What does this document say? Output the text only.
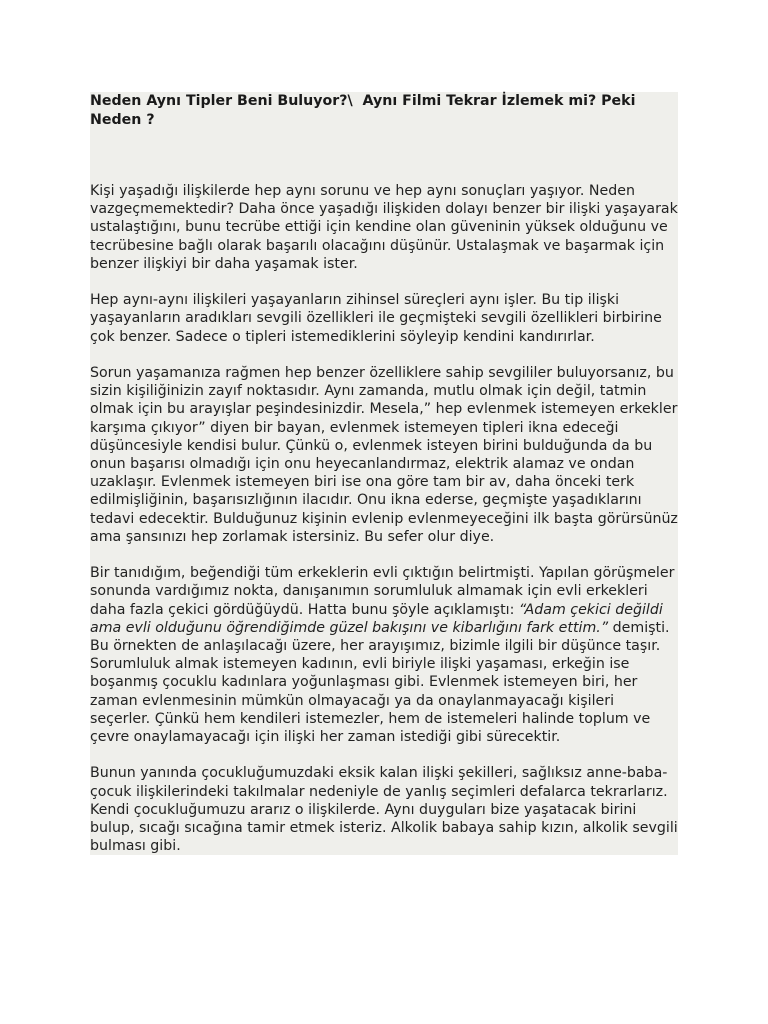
Neden Aynı Tipler Beni Buluyor?\  Aynı Filmi Tekrar İzlemek mi? Peki Neden ?

Kişi yaşadığı ilişkilerde hep aynı sorunu ve hep aynı sonuçları yaşıyor. Neden vazgeçmemektedir? Daha önce yaşadığı ilişkiden dolayı benzer bir ilişki yaşayarak ustalaştığını, bunu tecrübe ettiği için kendine olan güveninin yüksek olduğunu ve tecrübesine bağlı olarak başarılı olacağını düşünür. Ustalaşmak ve başarmak için benzer ilişkiyi bir daha yaşamak ister.

Hep aynı-aynı ilişkileri yaşayanların zihinsel süreçleri aynı işler. Bu tip ilişki yaşayanların aradıkları sevgili özellikleri ile geçmişteki sevgili özellikleri birbirine çok benzer. Sadece o tipleri istemediklerini söyleyip kendini kandırırlar.

Sorun yaşamanıza rağmen hep benzer özelliklere sahip sevgililer buluyorsanız, bu sizin kişiliğinizin zayıf noktasıdır. Aynı zamanda, mutlu olmak için değil, tatmin olmak için bu arayışlar peşindesinizdir. Mesela,” hep evlenmek istemeyen erkekler karşıma çıkıyor” diyen bir bayan, evlenmek istemeyen tipleri ikna edeceği düşüncesiyle kendisi bulur. Çünkü o, evlenmek isteyen birini bulduğunda da bu onun başarısı olmadığı için onu heyecanlandırmaz, elektrik alamaz ve ondan uzaklaşır. Evlenmek istemeyen biri ise ona göre tam bir av, daha önceki terk edilmişliğinin, başarısızlığının ilacıdır. Onu ikna ederse, geçmişte yaşadıklarını tedavi edecektir. Bulduğunuz kişinin evlenip evlenmeyeceğini ilk başta görürsünüz ama şansınızı hep zorlamak istersiniz. Bu sefer olur diye.

Bir tanıdığım, beğendiği tüm erkeklerin evli çıktığın belirtmişti. Yapılan görüşmeler sonunda vardığımız nokta, danışanımın sorumluluk almamak için evli erkekleri daha fazla çekici gördüğüydü. Hatta bunu şöyle açıklamıştı: “Adam çekici değildi ama evli olduğunu öğrendiğimde güzel bakışını ve kibarlığını fark ettim.” demişti. Bu örnekten de anlaşılacağı üzere, her arayışımız, bizimle ilgili bir düşünce taşır. Sorumluluk almak istemeyen kadının, evli biriyle ilişki yaşaması, erkeğin ise boşanmış çocuklu kadınlara yoğunlaşması gibi. Evlenmek istemeyen biri, her zaman evlenmesinin mümkün olmayacağı ya da onaylanmayacağı kişileri seçerler. Çünkü hem kendileri istemezler, hem de istemeleri halinde toplum ve çevre onaylamayacağı için ilişki her zaman istediği gibi sürecektir.

Bunun yanında çocukluğumuzdaki eksik kalan ilişki şekilleri, sağlıksız anne-baba-çocuk ilişkilerindeki takılmalar nedeniyle de yanlış seçimleri defalarca tekrarlarız. Kendi çocukluğumuzu ararız o ilişkilerde. Aynı duyguları bize yaşatacak birini bulup, sıcağı sıcağına tamir etmek isteriz. Alkolik babaya sahip kızın, alkolik sevgili bulması gibi.
